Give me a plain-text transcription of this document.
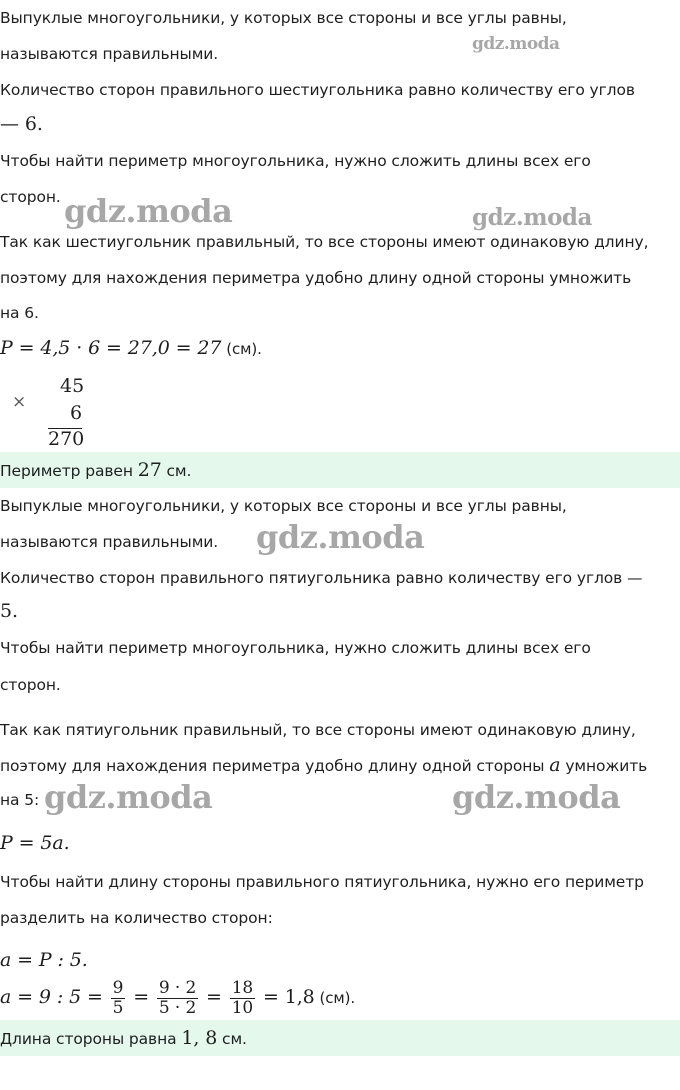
Выпуклые многоугольники, у которых все стороны и все углы равны,
называются правильными.
Количество сторон правильного шестиугольника равно количеству его углов
— 6.
Чтобы найти периметр многоугольника, нужно сложить длины всех его
сторон.
Так как шестиугольник правильный, то все стороны имеют одинаковую длину,
поэтому для нахождения периметра удобно длину одной стороны умножить
на 6.
P = 4,5 · 6 = 27,0 = 27 (см).
×
45
6
270
Периметр равен 27 см.
Выпуклые многоугольники, у которых все стороны и все углы равны,
называются правильными.
Количество сторон правильного пятиугольника равно количеству его углов —
5.
Чтобы найти периметр многоугольника, нужно сложить длины всех его
сторон.
Так как пятиугольник правильный, то все стороны имеют одинаковую длину,
поэтому для нахождения периметра удобно длину одной стороны a умножить
на 5:
P = 5a.
Чтобы найти длину стороны правильного пятиугольника, нужно его периметр
разделить на количество сторон:
a = P : 5.
a = 9 : $5 = \frac{9}{5} = \frac{9 \cdot 2}{5 \cdot 2} = \frac{18}{10} = 1,8$ (см).
Длина стороны равна 1, 8 см.
gdz.moda
gdz.moda	gdz.moda
gdz.moda
gdz.moda	gdz.moda
